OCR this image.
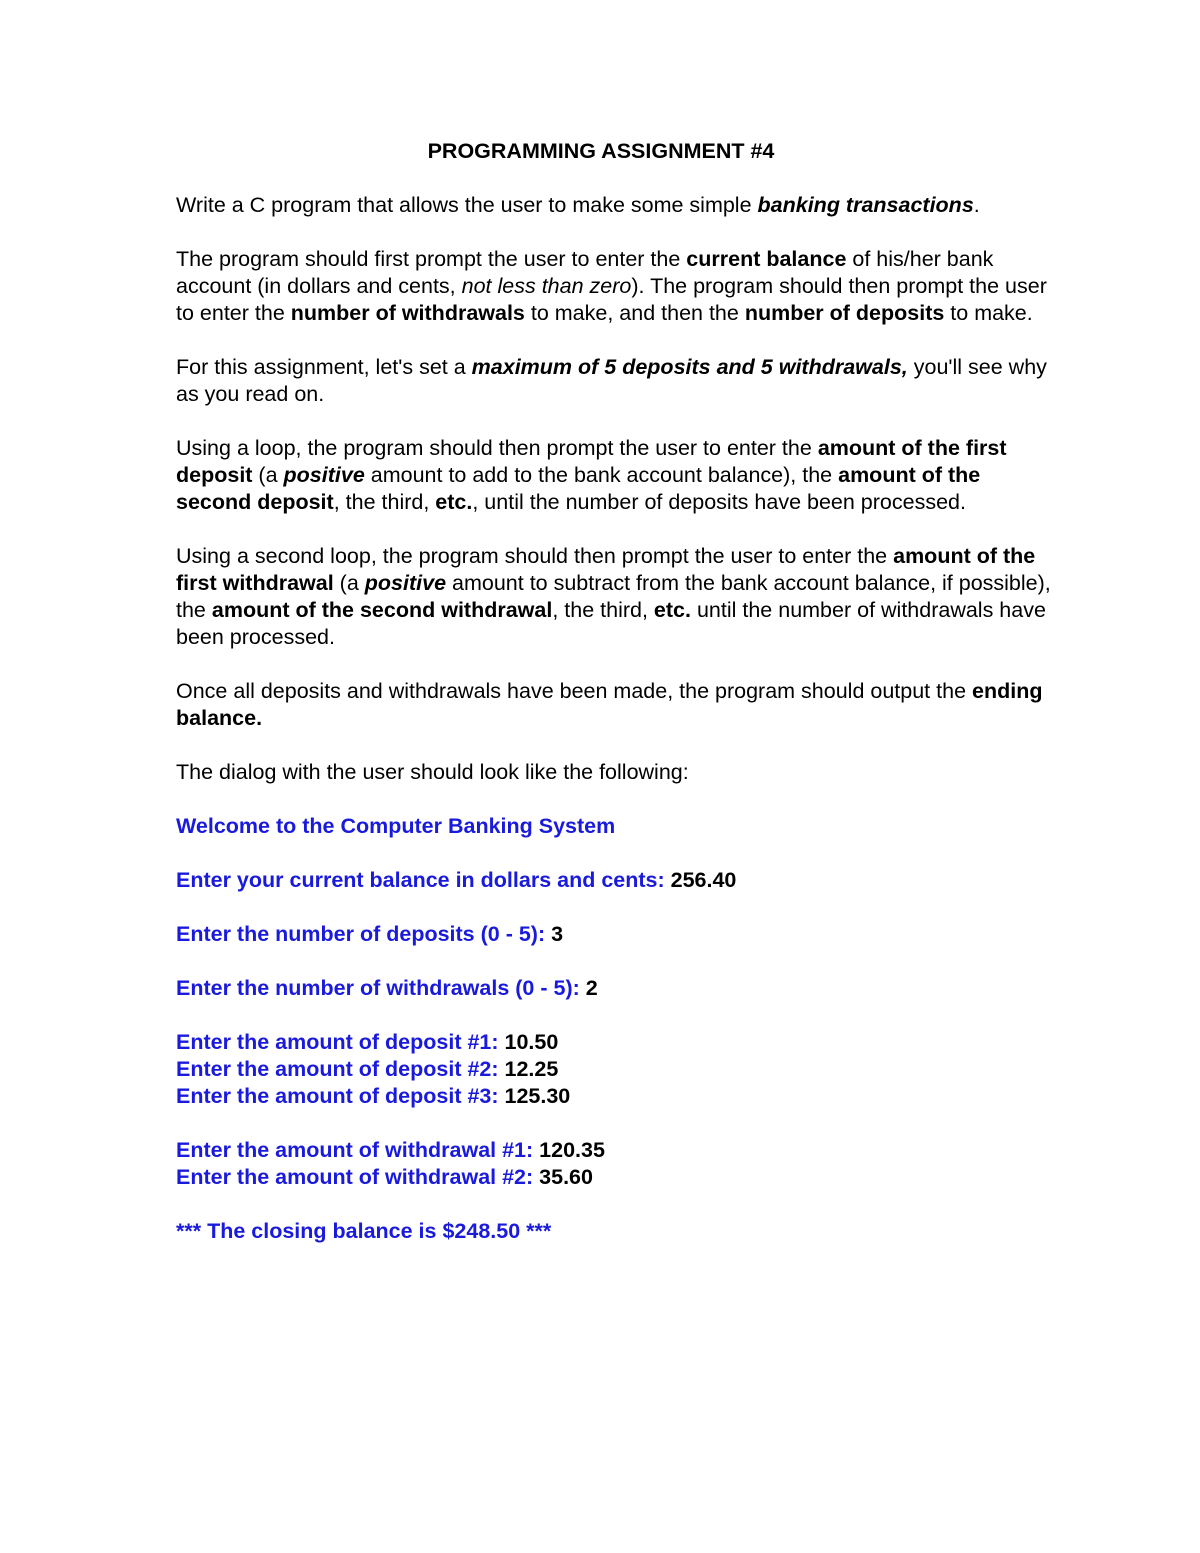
PROGRAMMING ASSIGNMENT #4

Write a C program that allows the user to make some simple banking transactions.

The program should first prompt the user to enter the current balance of his/her bank account (in dollars and cents, not less than zero). The program should then prompt the user to enter the number of withdrawals to make, and then the number of deposits to make.

For this assignment, let's set a maximum of 5 deposits and 5 withdrawals, you'll see why as you read on.

Using a loop, the program should then prompt the user to enter the amount of the first deposit (a positive amount to add to the bank account balance), the amount of the second deposit, the third, etc., until the number of deposits have been processed.

Using a second loop, the program should then prompt the user to enter the amount of the first withdrawal (a positive amount to subtract from the bank account balance, if possible), the amount of the second withdrawal, the third, etc. until the number of withdrawals have been processed.

Once all deposits and withdrawals have been made, the program should output the ending balance.

The dialog with the user should look like the following:

Welcome to the Computer Banking System

Enter your current balance in dollars and cents: 256.40

Enter the number of deposits (0 - 5): 3

Enter the number of withdrawals (0 - 5): 2

Enter the amount of deposit #1: 10.50
Enter the amount of deposit #2: 12.25
Enter the amount of deposit #3: 125.30
Enter the amount of withdrawal #1: 120.35
Enter the amount of withdrawal #2: 35.60

*** The closing balance is $248.50 ***
